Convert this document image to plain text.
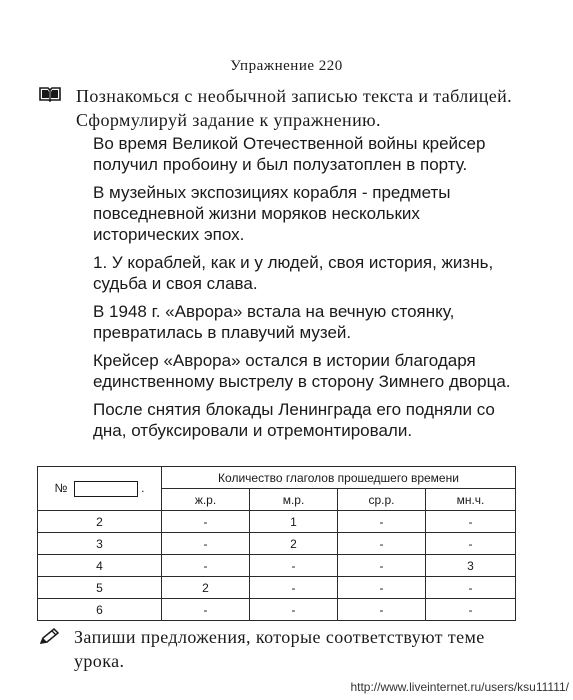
Упражнение 220

Познакомься с необычной записью текста и таблицей. Сформулируй задание к упражнению.

Во время Великой Отечественной войны крейсер получил пробоину и был полузатоплен в порту.

В музейных экспозициях корабля - предметы повседневной жизни моряков нескольких исторических эпох.

1. У кораблей, как и у людей, своя история, жизнь, судьба и своя слава.

В 1948 г. «Аврора» встала на вечную стоянку, превратилась в плавучий музей.

Крейсер «Аврора» остался в истории благодаря единственному выстрелу в сторону Зимнего дворца.

После снятия блокады Ленинграда его подняли со дна, отбуксировали и отремонтировали.

№ .	Количество глаголов прошедшего времени			
	ж.р.	м.р.	ср.р.	мн.ч.
2	-	1	-	-
3	-	2	-	-
4	-	-	-	3
5	2	-	-	-
6	-	-	-	-

Запиши предложения, которые соответствуют теме урока.

http://www.liveinternet.ru/users/ksu11111/
